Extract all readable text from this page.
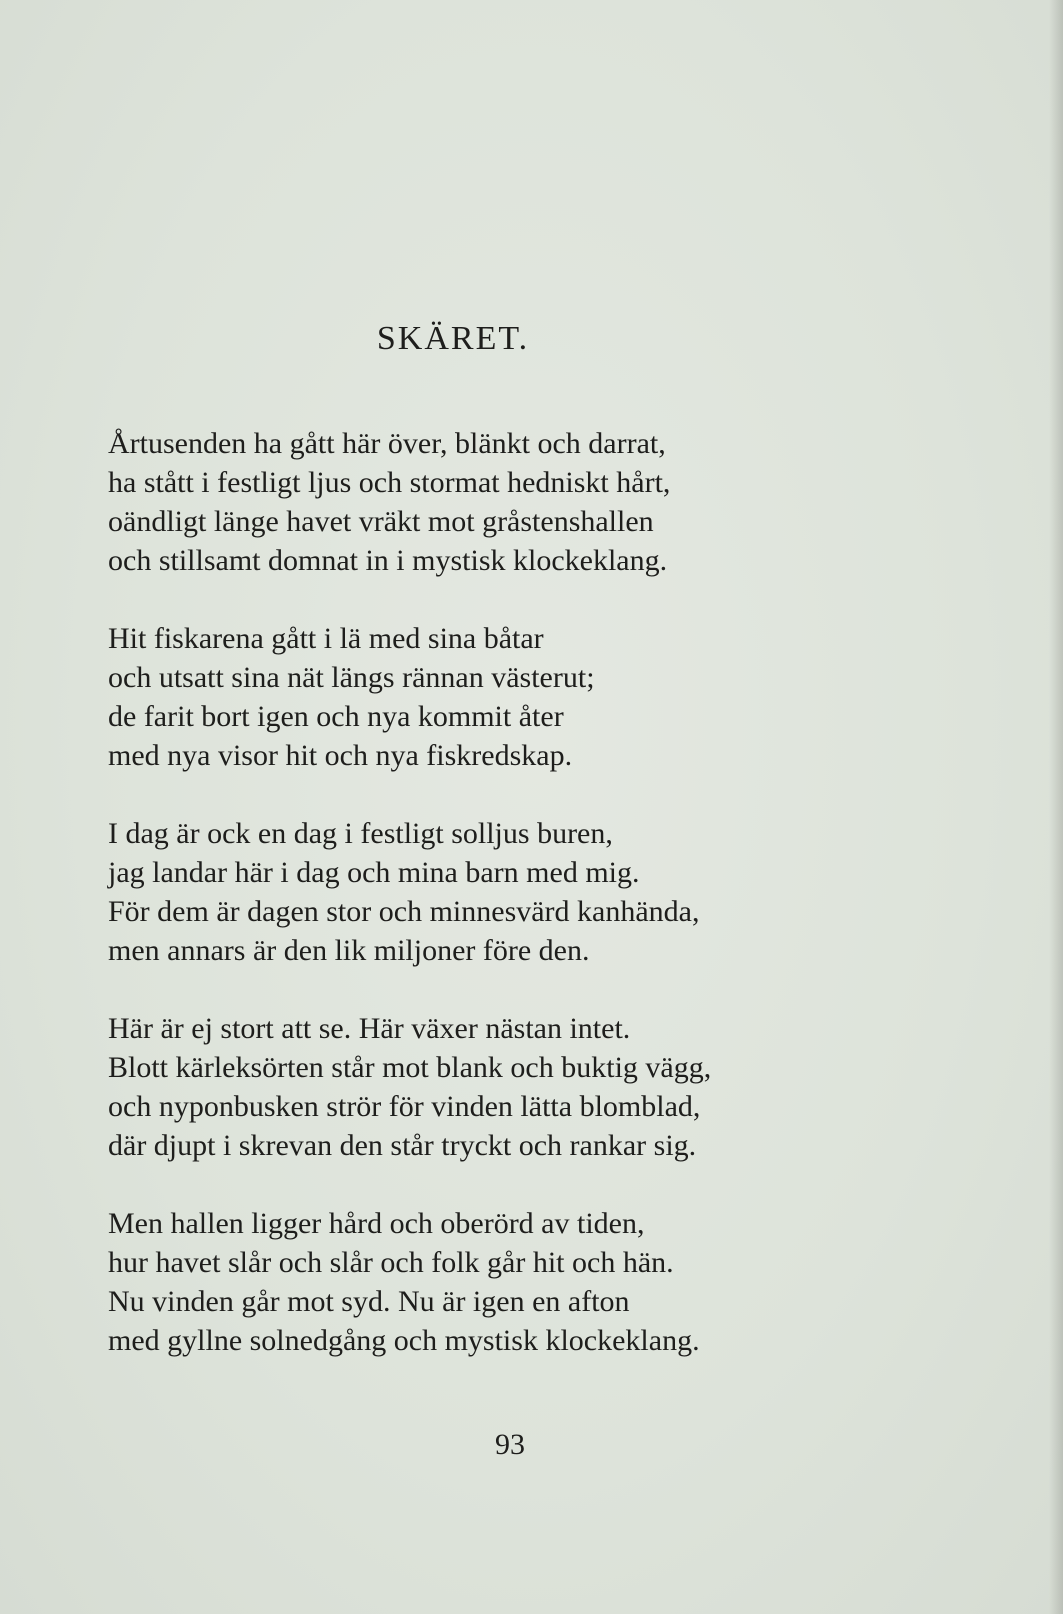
SKÄRET.
Årtusenden ha gått här över, blänkt och darrat,
ha stått i festligt ljus och stormat hedniskt hårt,
oändligt länge havet vräkt mot gråstenshallen
och stillsamt domnat in i mystisk klockeklang.
Hit fiskarena gått i lä med sina båtar
och utsatt sina nät längs rännan västerut;
de farit bort igen och nya kommit åter
med nya visor hit och nya fiskredskap.
I dag är ock en dag i festligt solljus buren,
jag landar här i dag och mina barn med mig.
För dem är dagen stor och minnesvärd kanhända,
men annars är den lik miljoner före den.
Här är ej stort att se. Här växer nästan intet.
Blott kärleksörten står mot blank och buktig vägg,
och nyponbusken strör för vinden lätta blomblad,
där djupt i skrevan den står tryckt och rankar sig.
Men hallen ligger hård och oberörd av tiden,
hur havet slår och slår och folk går hit och hän.
Nu vinden går mot syd. Nu är igen en afton
med gyllne solnedgång och mystisk klockeklang.
93
